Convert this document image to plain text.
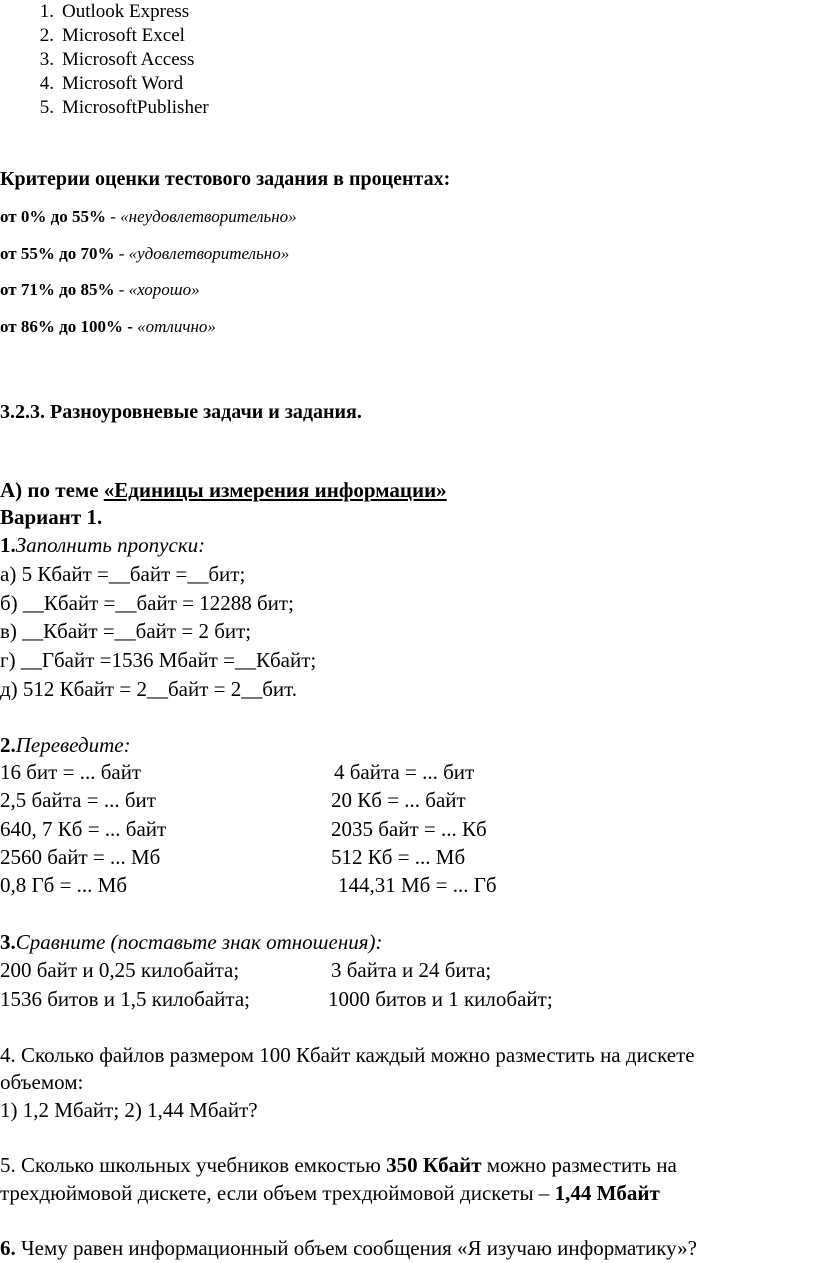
1. Outlook Express
2. Microsoft Excel
3. Microsoft Access
4. Microsoft Word
5. MicrosoftPublisher
Критерии оценки тестового задания в процентах:
от 0% до 55% - «неудовлетворительно»
от 55% до 70% - «удовлетворительно»
от 71% до 85% - «хорошо»
от 86% до 100% - «отлично»
3.2.3. Разноуровневые задачи и задания.
А) по теме «Единицы измерения информации»
Вариант 1.
1.Заполнить пропуски:
а) 5 Кбайт =__байт =__бит;
б) __Кбайт =__байт = 12288 бит;
в) __Кбайт =__байт = 2 бит;
г) __Гбайт =1536 Мбайт =__Кбайт;
д) 512 Кбайт = 2__байт = 2__бит.
2.Переведите:
16 бит = ... байт	4 байта = ... бит
2,5 байта = ... бит	20 Кб = ... байт
640, 7 Кб = ... байт	2035 байт = ... Кб
2560 байт = ... Мб	512 Кб = ... Мб
0,8 Гб = ... Мб	144,31 Мб = ... Гб
3.Сравните (поставьте знак отношения):
200 байт и 0,25 килобайта;	3 байта и 24 бита;
1536 битов и 1,5 килобайта;	1000 битов и 1 килобайт;
4. Сколько файлов размером 100 Кбайт каждый можно разместить на дискете
объемом:
1) 1,2 Мбайт; 2) 1,44 Мбайт?
5. Сколько школьных учебников емкостью 350 Кбайт можно разместить на
трехдюймовой дискете, если объем трехдюймовой дискеты – 1,44 Мбайт
6. Чему равен информационный объем сообщения «Я изучаю информатику»?
